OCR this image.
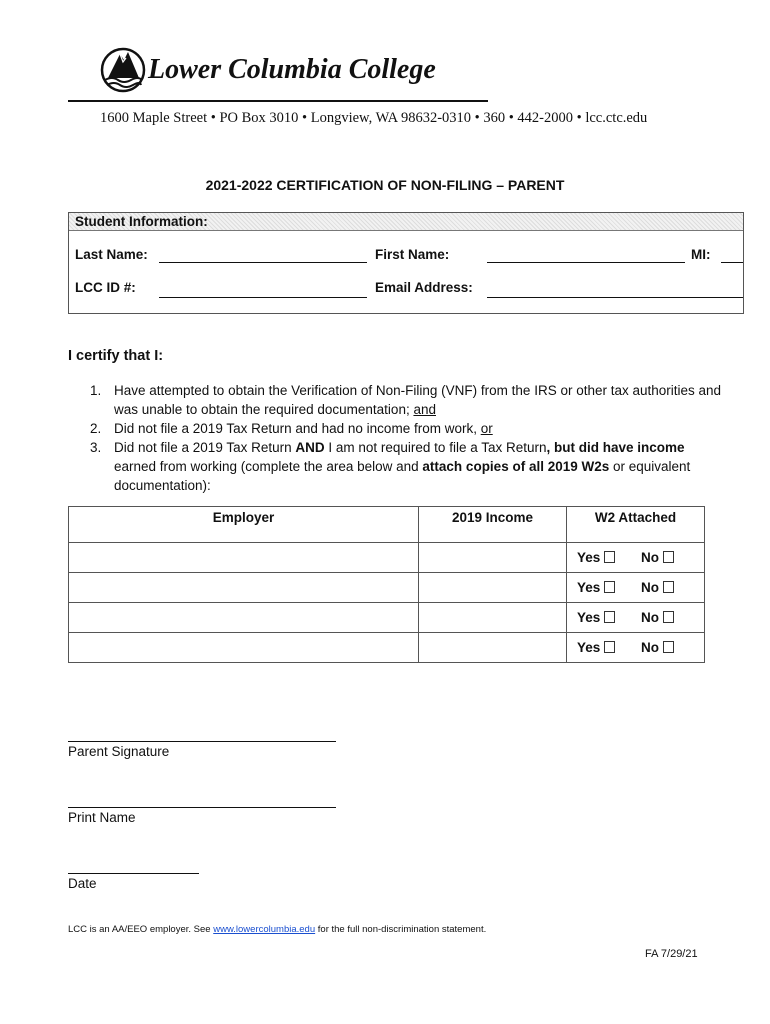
Lower Columbia College
1600 Maple Street • PO Box 3010 • Longview, WA 98632-0310 • 360 • 442-2000 • lcc.ctc.edu
2021-2022 CERTIFICATION OF NON-FILING – PARENT
Student Information:
Last Name:	First Name:	MI:
LCC ID #:	Email Address:
I certify that I:
1. Have attempted to obtain the Verification of Non-Filing (VNF) from the IRS or other tax authorities and was unable to obtain the required documentation; and
2. Did not file a 2019 Tax Return and had no income from work, or
3. Did not file a 2019 Tax Return AND I am not required to file a Tax Return, but did have income earned from working (complete the area below and attach copies of all 2019 W2s or equivalent documentation):
Employer	2019 Income	W2 Attached
		Yes No
		Yes No
		Yes No
		Yes No
Parent Signature
Print Name
Date
LCC is an AA/EEO employer. See www.lowercolumbia.edu for the full non-discrimination statement.
FA 7/29/21
